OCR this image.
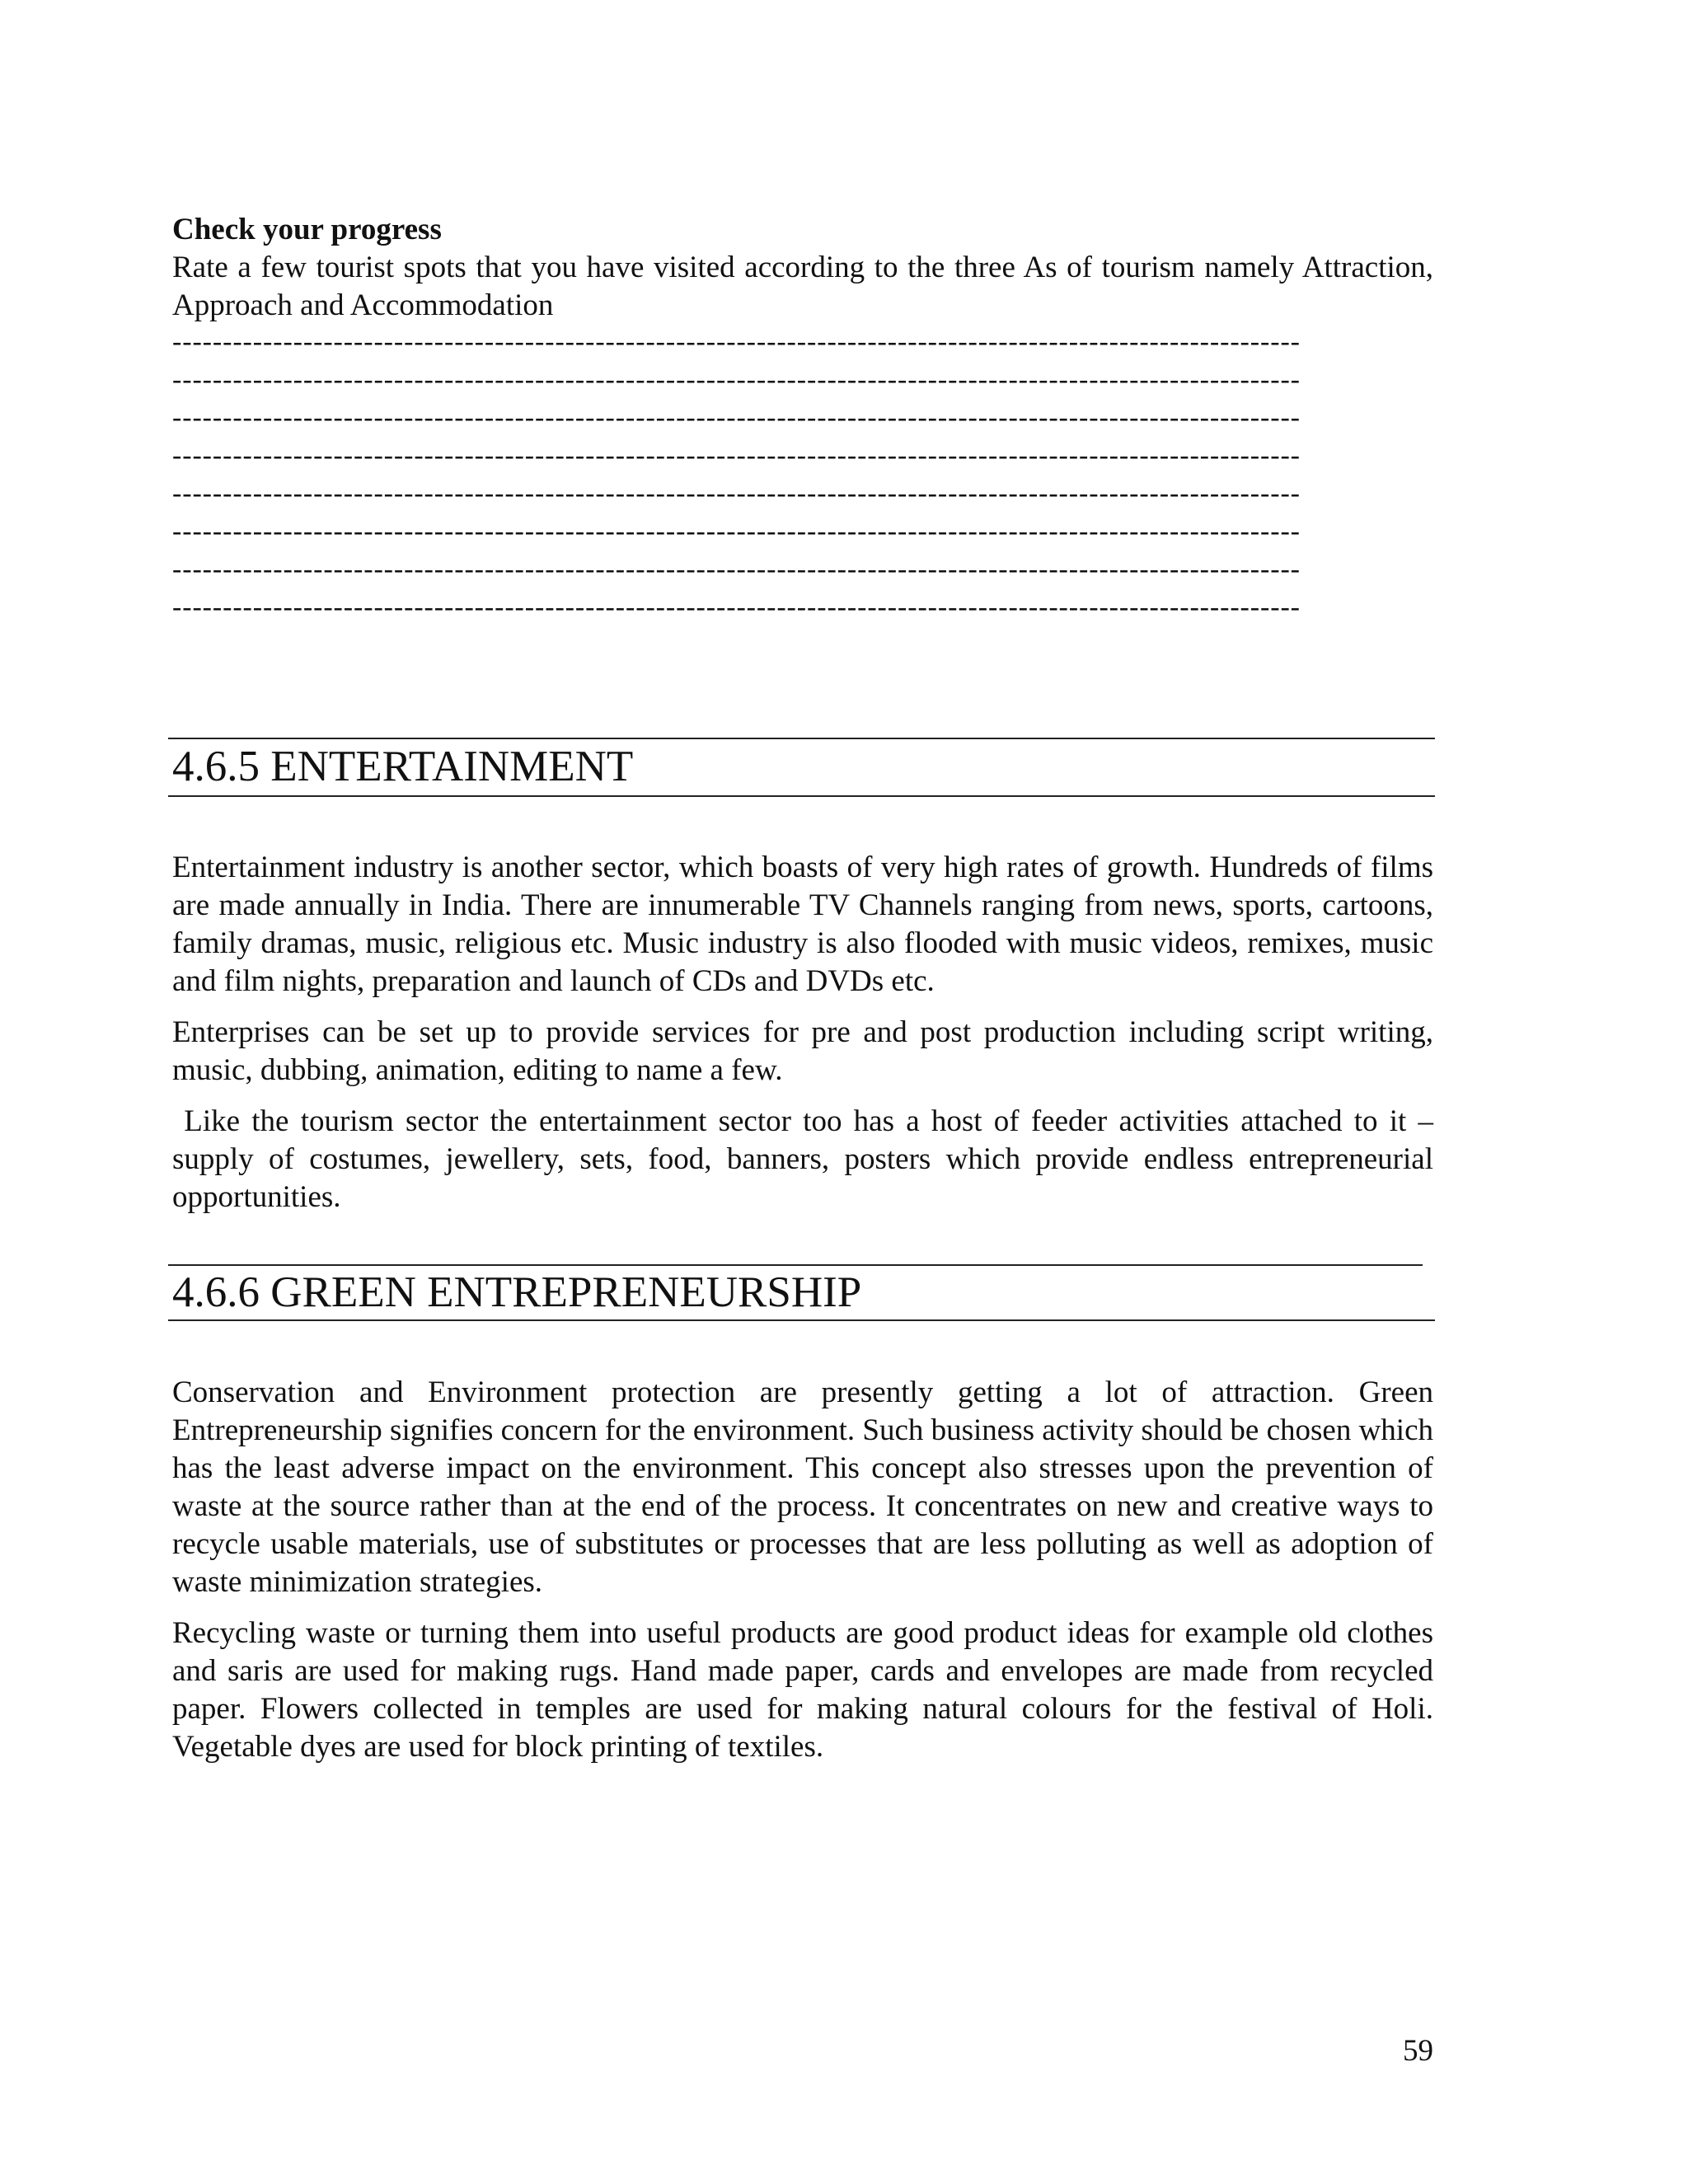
Check your progress

Rate a few tourist spots that you have visited according to the three As of tourism namely Attraction, Approach and Accommodation

----------------------------------------------------------------------------------------------------------------
----------------------------------------------------------------------------------------------------------------
----------------------------------------------------------------------------------------------------------------
----------------------------------------------------------------------------------------------------------------
----------------------------------------------------------------------------------------------------------------
----------------------------------------------------------------------------------------------------------------
----------------------------------------------------------------------------------------------------------------
----------------------------------------------------------------------------------------------------------------
4.6.5 ENTERTAINMENT

Entertainment industry is another sector, which boasts of very high rates of growth. Hundreds of films are made annually in India. There are innumerable TV Channels ranging from news, sports, cartoons, family dramas, music, religious etc. Music industry is also flooded with music videos, remixes, music and film nights, preparation and launch of CDs and DVDs etc.

Enterprises can be set up to provide services for pre and post production including script writing, music, dubbing, animation, editing to name a few.

Like the tourism sector the entertainment sector too has a host of feeder activities attached to it – supply of costumes, jewellery, sets, food, banners, posters which provide endless entrepreneurial opportunities.

4.6.6 GREEN ENTREPRENEURSHIP

Conservation and Environment protection are presently getting a lot of attraction. Green Entrepreneurship signifies concern for the environment. Such business activity should be chosen which has the least adverse impact on the environment. This concept also stresses upon the prevention of waste at the source rather than at the end of the process. It concentrates on new and creative ways to recycle usable materials, use of substitutes or processes that are less polluting as well as adoption of waste minimization strategies.

Recycling waste or turning them into useful products are good product ideas for example old clothes and saris are used for making rugs. Hand made paper, cards and envelopes are made from recycled paper. Flowers collected in temples are used for making natural colours for the festival of Holi. Vegetable dyes are used for block printing of textiles.

59
